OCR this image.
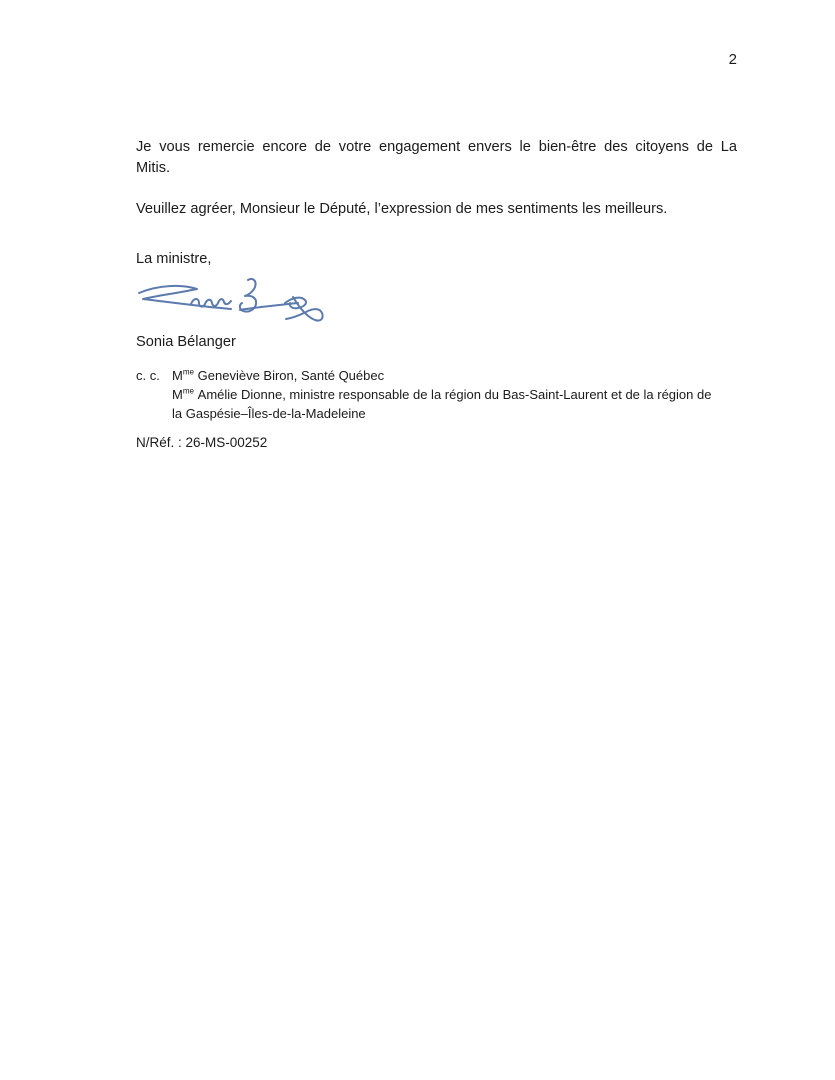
2
Je vous remercie encore de votre engagement envers le bien-être des citoyens de La
Mitis.
Veuillez agréer, Monsieur le Député, l’expression de mes sentiments les meilleurs.
La ministre,
Sonia Bélanger
c. c. $M^{me}$ Geneviève Biron, Santé Québec
$M^{me}$ Amélie Dionne, ministre responsable de la région du Bas-Saint-Laurent et de la région de
la Gaspésie–Îles-de-la-Madeleine
N/Réf. : 26-MS-00252
